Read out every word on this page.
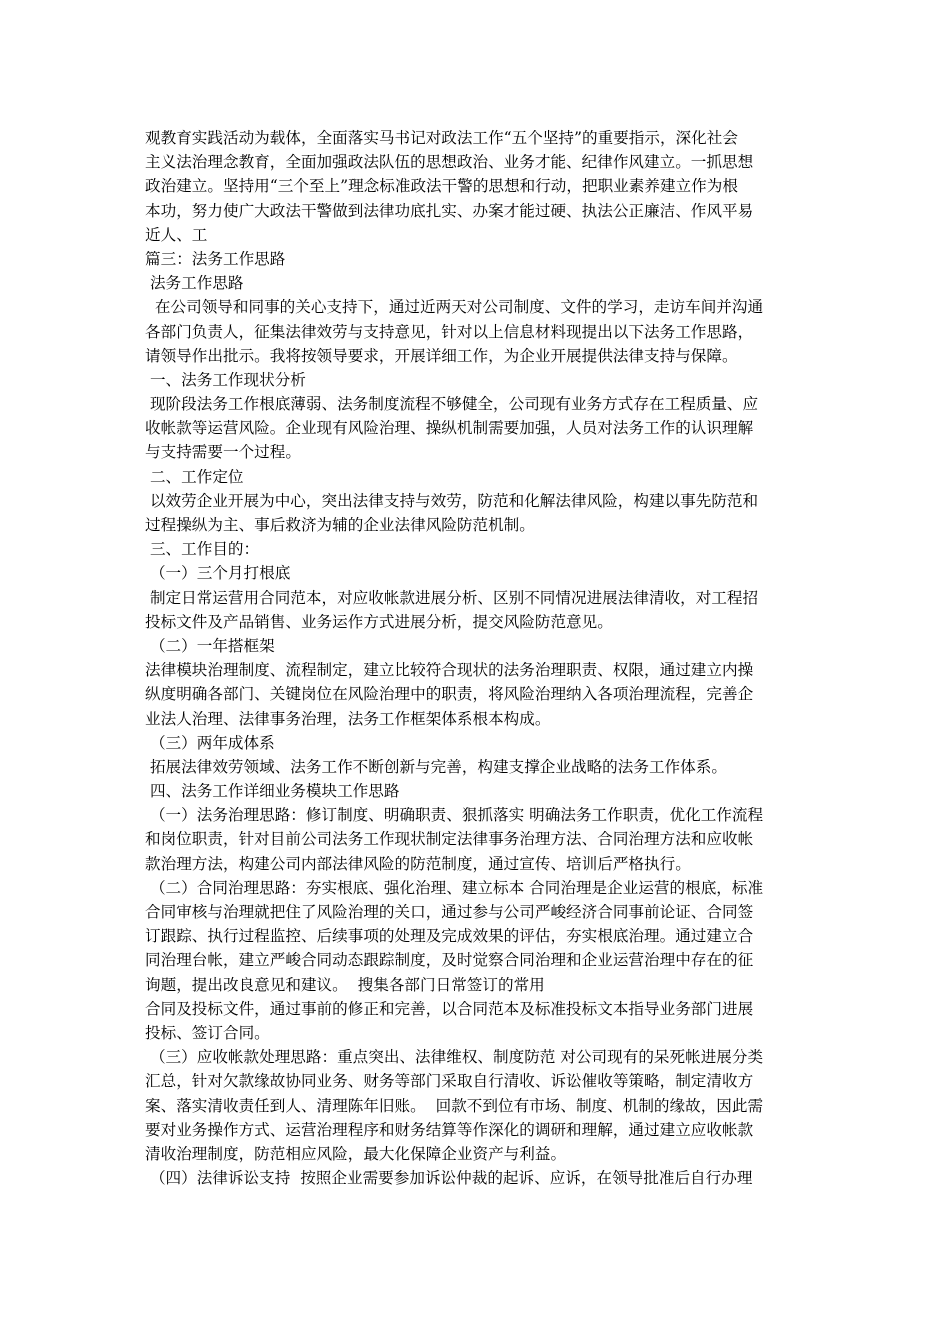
观教育实践活动为载体，全面落实马书记对政法工作“五个坚持”的重要指示，深化社会
主义法治理念教育，全面加强政法队伍的思想政治、业务才能、纪律作风建立。一抓思想
政治建立。坚持用“三个至上”理念标准政法干警的思想和行动，把职业素养建立作为根
本功，努力使广大政法干警做到法律功底扎实、办案才能过硬、执法公正廉洁、作风平易
近人、工
篇三：法务工作思路
法务工作思路
在公司领导和同事的关心支持下，通过近两天对公司制度、文件的学习，走访车间并沟通
各部门负责人，征集法律效劳与支持意见，针对以上信息材料现提出以下法务工作思路，
请领导作出批示。我将按领导要求，开展详细工作，为企业开展提供法律支持与保障。
一、法务工作现状分析
现阶段法务工作根底薄弱、法务制度流程不够健全，公司现有业务方式存在工程质量、应
收帐款等运营风险。企业现有风险治理、操纵机制需要加强，人员对法务工作的认识理解
与支持需要一个过程。
二、工作定位
以效劳企业开展为中心，突出法律支持与效劳，防范和化解法律风险，构建以事先防范和
过程操纵为主、事后救济为辅的企业法律风险防范机制。
三、工作目的：
（一）三个月打根底
制定日常运营用合同范本，对应收帐款进展分析、区别不同情况进展法律清收，对工程招
投标文件及产品销售、业务运作方式进展分析，提交风险防范意见。
（二）一年搭框架
法律模块治理制度、流程制定，建立比较符合现状的法务治理职责、权限，通过建立内操
纵度明确各部门、关键岗位在风险治理中的职责，将风险治理纳入各项治理流程，完善企
业法人治理、法律事务治理，法务工作框架体系根本构成。
（三）两年成体系
拓展法律效劳领域、法务工作不断创新与完善，构建支撑企业战略的法务工作体系。
四、法务工作详细业务模块工作思路
（一）法务治理思路：修订制度、明确职责、狠抓落实 明确法务工作职责，优化工作流程
和岗位职责，针对目前公司法务工作现状制定法律事务治理方法、合同治理方法和应收帐
款治理方法，构建公司内部法律风险的防范制度，通过宣传、培训后严格执行。
（二）合同治理思路：夯实根底、强化治理、建立标本 合同治理是企业运营的根底，标准
合同审核与治理就把住了风险治理的关口，通过参与公司严峻经济合同事前论证、合同签
订跟踪、执行过程监控、后续事项的处理及完成效果的评估，夯实根底治理。通过建立合
同治理台帐，建立严峻合同动态跟踪制度，及时觉察合同治理和企业运营治理中存在的征
询题，提出改良意见和建议。  搜集各部门日常签订的常用
合同及投标文件，通过事前的修正和完善，以合同范本及标准投标文本指导业务部门进展
投标、签订合同。
（三）应收帐款处理思路：重点突出、法律维权、制度防范 对公司现有的呆死帐进展分类
汇总，针对欠款缘故协同业务、财务等部门采取自行清收、诉讼催收等策略，制定清收方
案、落实清收责任到人、清理陈年旧账。  回款不到位有市场、制度、机制的缘故，因此需
要对业务操作方式、运营治理程序和财务结算等作深化的调研和理解，通过建立应收帐款
清收治理制度，防范相应风险，最大化保障企业资产与利益。
（四）法律诉讼支持  按照企业需要参加诉讼仲裁的起诉、应诉，在领导批准后自行办理
